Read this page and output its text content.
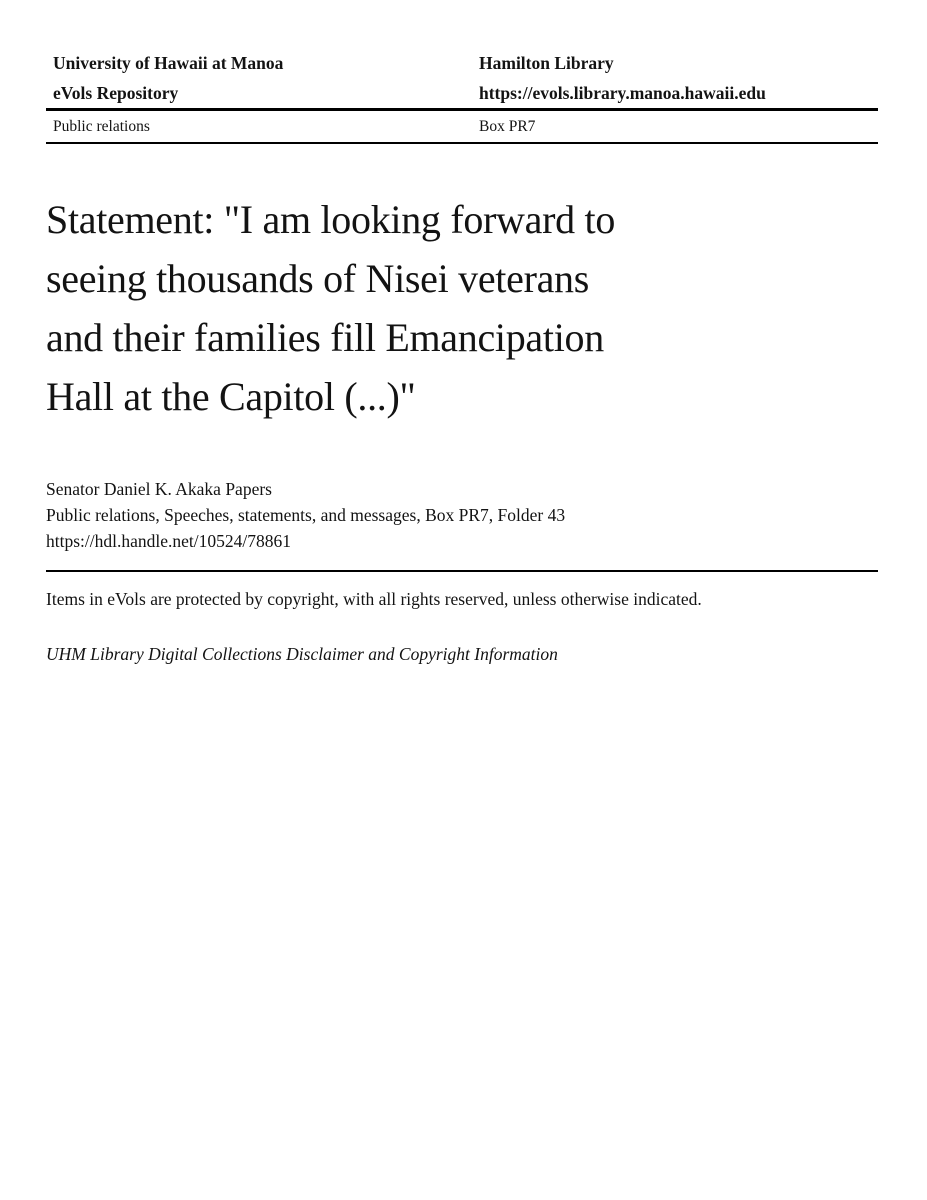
University of Hawaii at Manoa
eVols Repository
Hamilton Library
https://evols.library.manoa.hawaii.edu
Public relations	Box PR7
Statement: "I am looking forward to
seeing thousands of Nisei veterans
and their families fill Emancipation
Hall at the Capitol (...)"
Senator Daniel K. Akaka Papers
Public relations, Speeches, statements, and messages, Box PR7, Folder 43
https://hdl.handle.net/10524/78861

Items in eVols are protected by copyright, with all rights reserved, unless otherwise indicated.

UHM Library Digital Collections Disclaimer and Copyright Information
